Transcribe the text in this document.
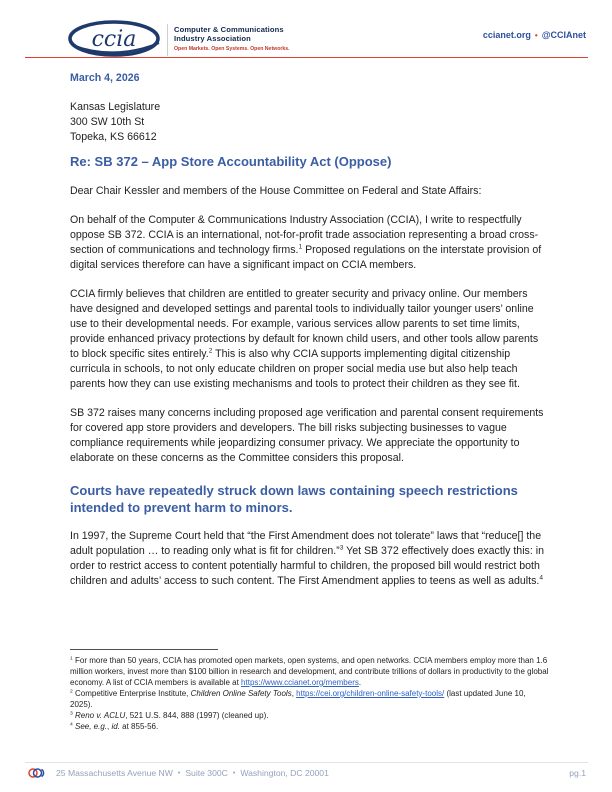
ccia	Computer & Communications
Industry Association
Open Markets. Open Systems. Open Networks.
ccianet.org • @CCIAnet
March 4, 2026
Kansas Legislature
300 SW 10th St
Topeka, KS 66612
Re: SB 372 – App Store Accountability Act (Oppose)
Dear Chair Kessler and members of the House Committee on Federal and State Affairs:

On behalf of the Computer & Communications Industry Association (CCIA), I write to respectfully oppose SB 372. CCIA is an international, not-for-profit trade association representing a broad cross-section of communications and technology firms.$^1$ Proposed regulations on the interstate provision of digital services therefore can have a significant impact on CCIA members.

CCIA firmly believes that children are entitled to greater security and privacy online. Our members have designed and developed settings and parental tools to individually tailor younger users’ online use to their developmental needs. For example, various services allow parents to set time limits, provide enhanced privacy protections by default for known child users, and other tools allow parents to block specific sites entirely.$^2$ This is also why CCIA supports implementing digital citizenship curricula in schools, to not only educate children on proper social media use but also help teach parents how they can use existing mechanisms and tools to protect their children as they see fit.

SB 372 raises many concerns including proposed age verification and parental consent requirements for covered app store providers and developers. The bill risks subjecting businesses to vague compliance requirements while jeopardizing consumer privacy. We appreciate the opportunity to elaborate on these concerns as the Committee considers this proposal.

Courts have repeatedly struck down laws containing speech restrictions intended to prevent harm to minors.

In 1997, the Supreme Court held that “the First Amendment does not tolerate” laws that “reduce[] the adult population … to reading only what is fit for children.”$^3$ Yet SB 372 effectively does exactly this: in order to restrict access to content potentially harmful to children, the proposed bill would restrict both children and adults’ access to such content. The First Amendment applies to teens as well as adults.$^4$

$^1$ For more than 50 years, CCIA has promoted open markets, open systems, and open networks. CCIA members employ more than 1.6 million workers, invest more than $100 billion in research and development, and contribute trillions of dollars in productivity to the global economy. A list of CCIA members is available at https://www.ccianet.org/members.

$^2$ Competitive Enterprise Institute, Children Online Safety Tools, https://cei.org/children-online-safety-tools/ (last updated June 10, 2025).

$^3$ Reno v. ACLU, 521 U.S. 844, 888 (1997) (cleaned up).

$^4$ See, e.g., id. at 855-56.

25 Massachusetts Avenue NW • Suite 300C • Washington, DC 20001	pg.1
